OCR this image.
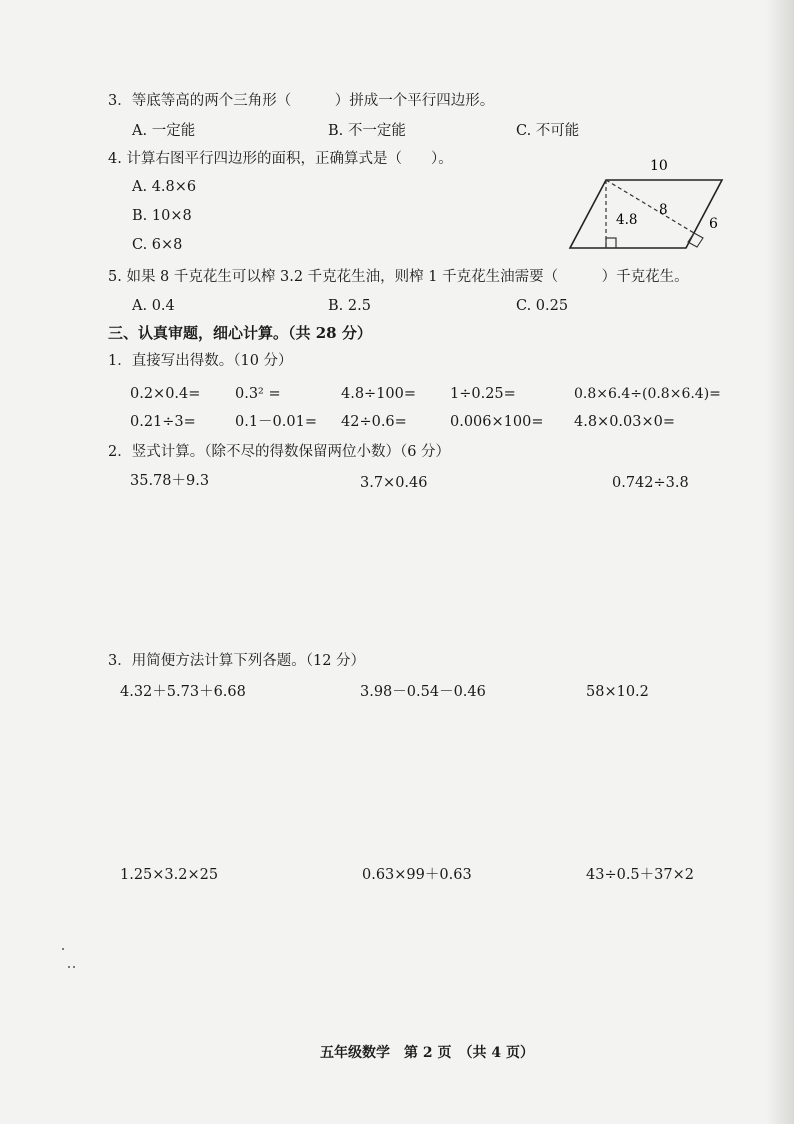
3．等底等高的两个三角形（　　　）拼成一个平行四边形。
A. 一定能	B. 不一定能	C. 不可能
4. 计算右图平行四边形的面积，正确算式是（　　）。
A. 4.8×6
B. 10×8
C. 6×8
10
4.8
8
6
5. 如果 8 千克花生可以榨 3.2 千克花生油，则榨 1 千克花生油需要（　　　）千克花生。
A. 0.4	B. 2.5	C. 0.25
三、认真审题，细心计算。（共 28 分）
1．直接写出得数。（10 分）
0.2×0.4= 0.3² =	4.8÷100= 1÷0.25=	0.8×6.4÷(0.8×6.4)=
0.21÷3=	0.1－0.01= 42÷0.6=	0.006×100= 4.8×0.03×0=
2．竖式计算。（除不尽的得数保留两位小数）（6 分）
35.78＋9.3	3.7×0.46	0.742÷3.8
3．用简便方法计算下列各题。（12 分）
4.32＋5.73＋6.68	3.98－0.54－0.46	58×10.2
1.25×3.2×25	0.63×99＋0.63	43÷0.5＋37×2
五年级数学　第 2 页　（共 4 页）
